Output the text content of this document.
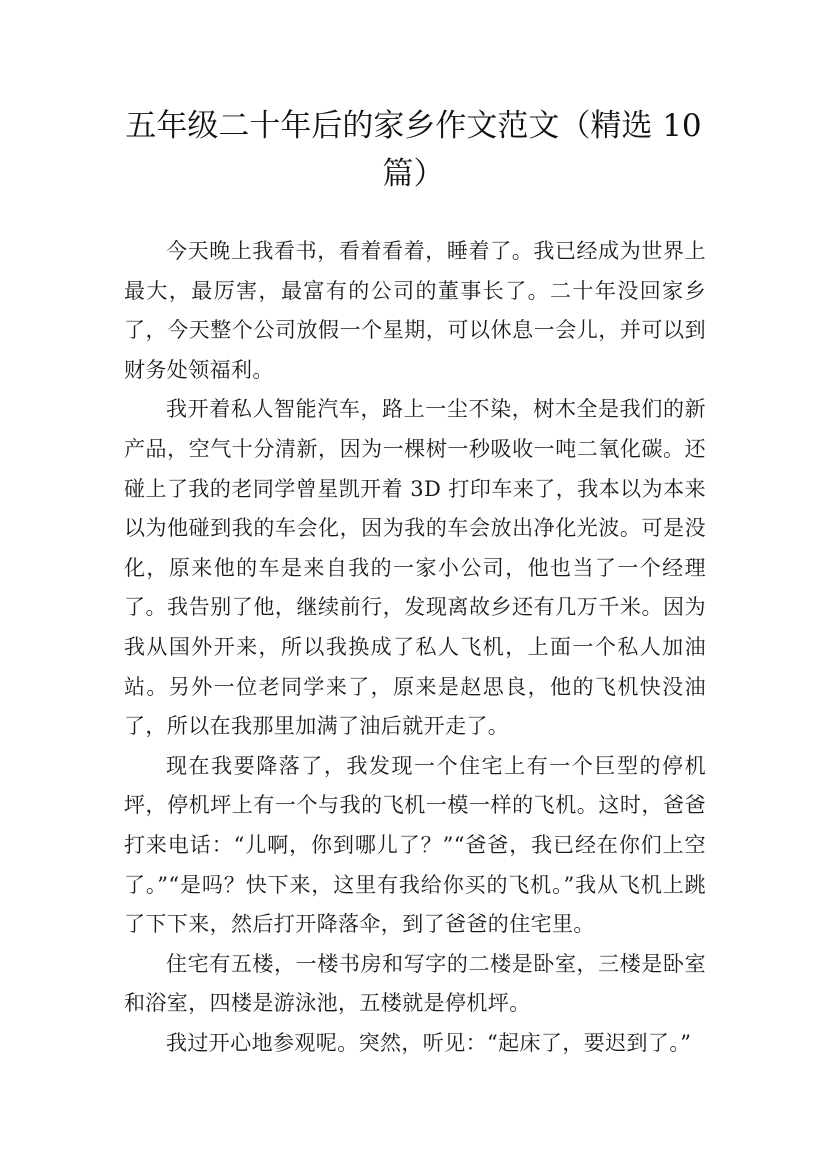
五年级二十年后的家乡作文范文（精选 10 篇）

今天晚上我看书，看着看着，睡着了。我已经成为世界上最大，最厉害，最富有的公司的董事长了。二十年没回家乡了，今天整个公司放假一个星期，可以休息一会儿，并可以到财务处领福利。

我开着私人智能汽车，路上一尘不染，树木全是我们的新产品，空气十分清新，因为一棵树一秒吸收一吨二氧化碳。还碰上了我的老同学曾星凯开着 3D 打印车来了，我本以为本来以为他碰到我的车会化，因为我的车会放出净化光波。可是没化，原来他的车是来自我的一家小公司，他也当了一个经理了。我告别了他，继续前行，发现离故乡还有几万千米。因为我从国外开来，所以我换成了私人飞机，上面一个私人加油站。另外一位老同学来了，原来是赵思良，他的飞机快没油了，所以在我那里加满了油后就开走了。

现在我要降落了，我发现一个住宅上有一个巨型的停机坪，停机坪上有一个与我的飞机一模一样的飞机。这时，爸爸打来电话：“儿啊，你到哪儿了？”“爸爸，我已经在你们上空了。”“是吗？快下来，这里有我给你买的飞机。”我从飞机上跳了下下来，然后打开降落伞，到了爸爸的住宅里。

住宅有五楼，一楼书房和写字的二楼是卧室，三楼是卧室和浴室，四楼是游泳池，五楼就是停机坪。

我过开心地参观呢。突然，听见：“起床了，要迟到了。”
